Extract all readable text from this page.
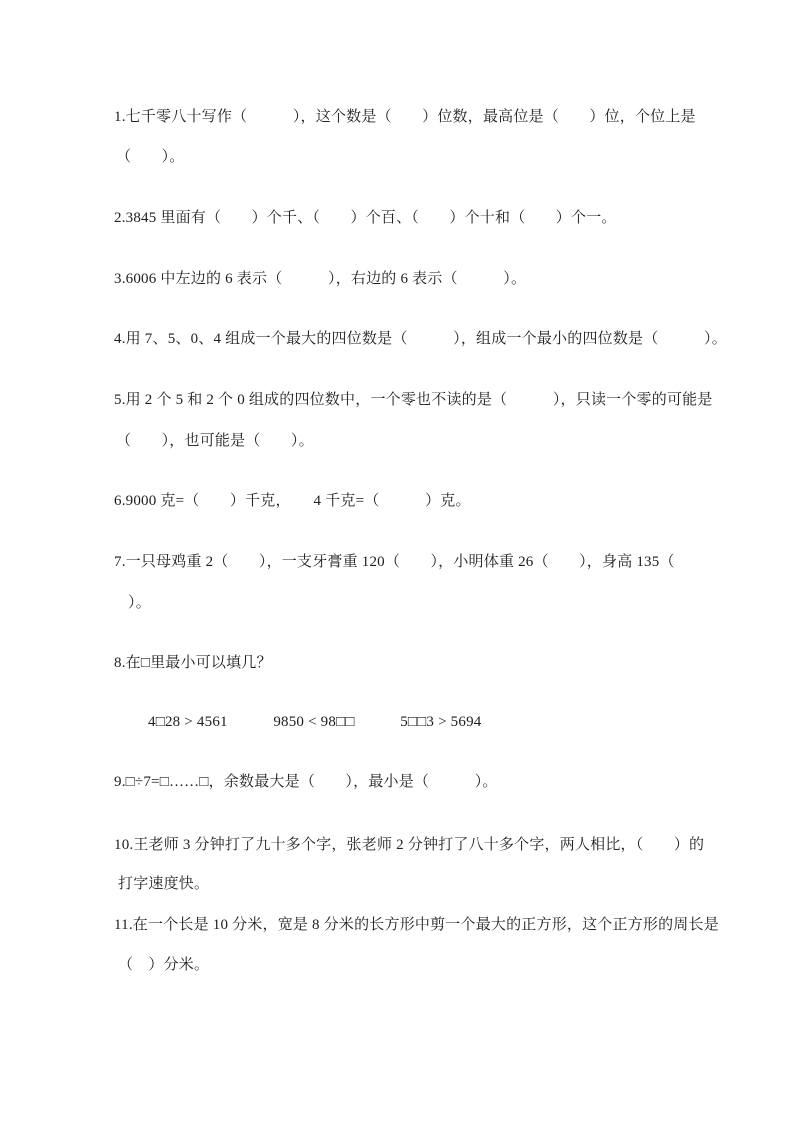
1.七千零八十写作（　　　），这个数是（　　）位数，最高位是（　　）位，个位上是
（　　）。
2.3845 里面有（　　）个千、（　　）个百、（　　）个十和（　　）个一。
3.6006 中左边的 6 表示（　　　），右边的 6 表示（　　　）。
4.用 7、5、0、4 组成一个最大的四位数是（　　　），组成一个最小的四位数是（　　　）。
5.用 2 个 5 和 2 个 0 组成的四位数中，一个零也不读的是（　　　），只读一个零的可能是
（　　），也可能是（　　）。
6.9000 克=（　　）千克，　　4 千克=（　　　）克。
7.一只母鸡重 2（　　），一支牙膏重 120（　　），小明体重 26（　　），身高 135（
）。
8.在□里最小可以填几？
4□28 > 4561　　　9850 < 98□□　　　5□□3 > 5694
9.□÷7=□……□，余数最大是（　　），最小是（　　　）。
10.王老师 3 分钟打了九十多个字，张老师 2 分钟打了八十多个字，两人相比，（　　）的
打字速度快。
11.在一个长是 10 分米，宽是 8 分米的长方形中剪一个最大的正方形，这个正方形的周长是
（　）分米。
